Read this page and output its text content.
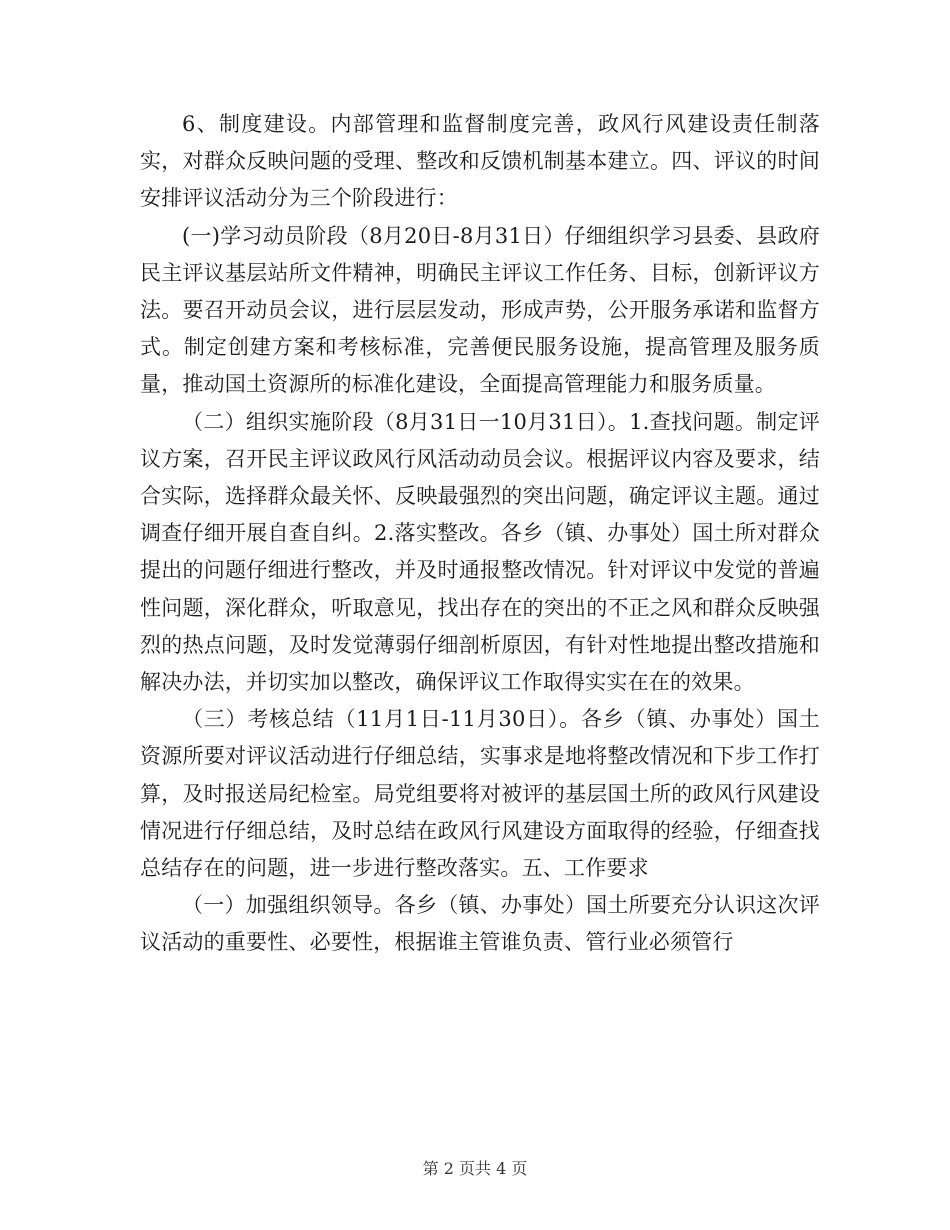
6、制度建设。内部管理和监督制度完善，政风行风建设责任制落实，对群众反映问题的受理、整改和反馈机制基本建立。四、评议的时间安排评议活动分为三个阶段进行：

(一)学习动员阶段（8月20日-8月31日）仔细组织学习县委、县政府民主评议基层站所文件精神，明确民主评议工作任务、目标，创新评议方法。要召开动员会议，进行层层发动，形成声势，公开服务承诺和监督方式。制定创建方案和考核标准，完善便民服务设施，提高管理及服务质量，推动国土资源所的标准化建设，全面提高管理能力和服务质量。

（二）组织实施阶段（8月31日一10月31日）。1.查找问题。制定评议方案，召开民主评议政风行风活动动员会议。根据评议内容及要求，结合实际，选择群众最关怀、反映最强烈的突出问题，确定评议主题。通过调查仔细开展自查自纠。2.落实整改。各乡（镇、办事处）国土所对群众提出的问题仔细进行整改，并及时通报整改情况。针对评议中发觉的普遍性问题，深化群众，听取意见，找出存在的突出的不正之风和群众反映强烈的热点问题，及时发觉薄弱仔细剖析原因，有针对性地提出整改措施和解决办法，并切实加以整改，确保评议工作取得实实在在的效果。

（三）考核总结（11月1日-11月30日）。各乡（镇、办事处）国土资源所要对评议活动进行仔细总结，实事求是地将整改情况和下步工作打算，及时报送局纪检室。局党组要将对被评的基层国土所的政风行风建设情况进行仔细总结，及时总结在政风行风建设方面取得的经验，仔细查找总结存在的问题，进一步进行整改落实。五、工作要求

（一）加强组织领导。各乡（镇、办事处）国土所要充分认识这次评议活动的重要性、必要性，根据谁主管谁负责、管行业必须管行

第 2 页共 4 页
